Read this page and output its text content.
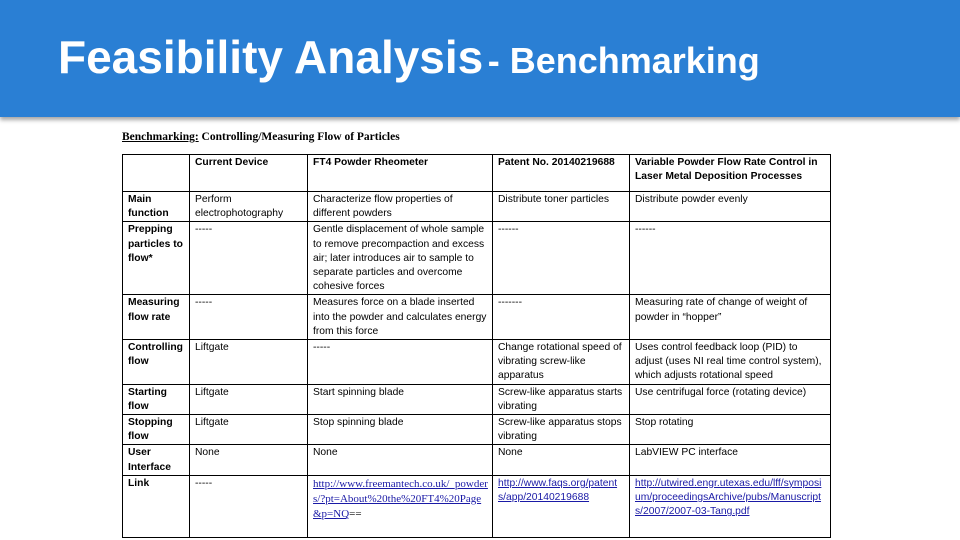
Feasibility Analysis - Benchmarking
Benchmarking: Controlling/Measuring Flow of Particles
	Current Device	FT4 Powder Rheometer	Patent No. 20140219688	Variable Powder Flow Rate Control in Laser Metal Deposition Processes
Main function	Perform electrophotography	Characterize flow properties of different powders	Distribute toner particles	Distribute powder evenly
Prepping particles to flow*	-----	Gentle displacement of whole sample to remove precompaction and excess air; later introduces air to sample to separate particles and overcome cohesive forces	------	------
Measuring flow rate	-----	Measures force on a blade inserted into the powder and calculates energy from this force	-------	Measuring rate of change of weight of powder in “hopper”
Controlling flow	Liftgate	-----	Change rotational speed of vibrating screw-like apparatus	Uses control feedback loop (PID) to adjust (uses NI real time control system), which adjusts rotational speed
Starting flow	Liftgate	Start spinning blade	Screw-like apparatus starts vibrating	Use centrifugal force (rotating device)
Stopping flow	Liftgate	Stop spinning blade	Screw-like apparatus stops vibrating	Stop rotating
User Interface	None	None	None	LabVIEW PC interface
Link	-----	http://www.freemantech.co.uk/_powders/?pt=About%20the%20FT4%20Page&p=NQ==	http://www.faqs.org/patents/app/20140219688	http://utwired.engr.utexas.edu/lff/symposium/proceedingsArchive/pubs/Manuscripts/2007/2007-03-Tang.pdf
